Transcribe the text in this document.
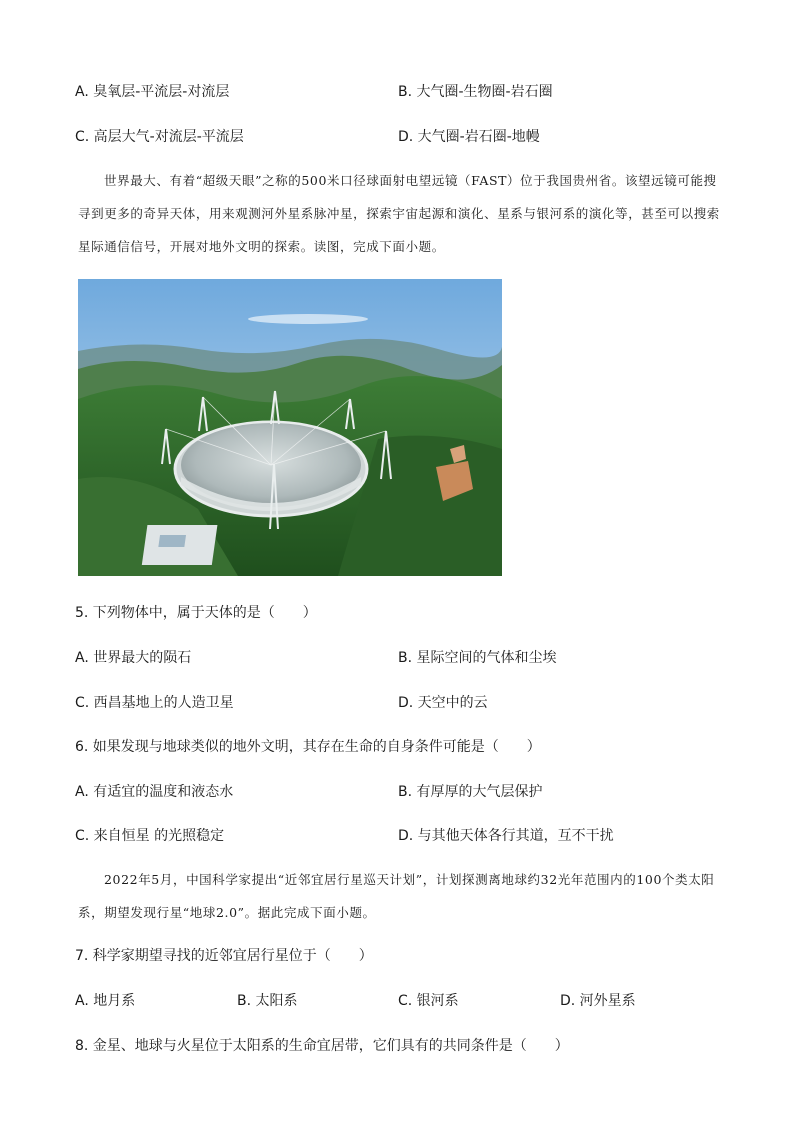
A. 臭氧层-平流层-对流层	B. 大气圈-生物圈-岩石圈
C. 高层大气-对流层-平流层	D. 大气圈-岩石圈-地幔
世界最大、有着“超级天眼”之称的500米口径球面射电望远镜（FAST）位于我国贵州省。该望远镜可能搜寻到更多的奇异天体，用来观测河外星系脉冲星，探索宇宙起源和演化、星系与银河系的演化等，甚至可以搜索星际通信信号，开展对地外文明的探索。读图，完成下面小题。
5. 下列物体中，属于天体的是（　　）
A. 世界最大的陨石	B. 星际空间的气体和尘埃
C. 西昌基地上的人造卫星	D. 天空中的云
6. 如果发现与地球类似的地外文明，其存在生命的自身条件可能是（　　）
A. 有适宜的温度和液态水	B. 有厚厚的大气层保护
C. 来自恒星 的光照稳定	D. 与其他天体各行其道，互不干扰
2022年5月，中国科学家提出“近邻宜居行星巡天计划”，计划探测离地球约32光年范围内的100个类太阳系，期望发现行星“地球2.0”。据此完成下面小题。
7. 科学家期望寻找的近邻宜居行星位于（　　）
A. 地月系	B. 太阳系	C. 银河系	D. 河外星系
8. 金星、地球与火星位于太阳系的生命宜居带，它们具有的共同条件是（　　）
